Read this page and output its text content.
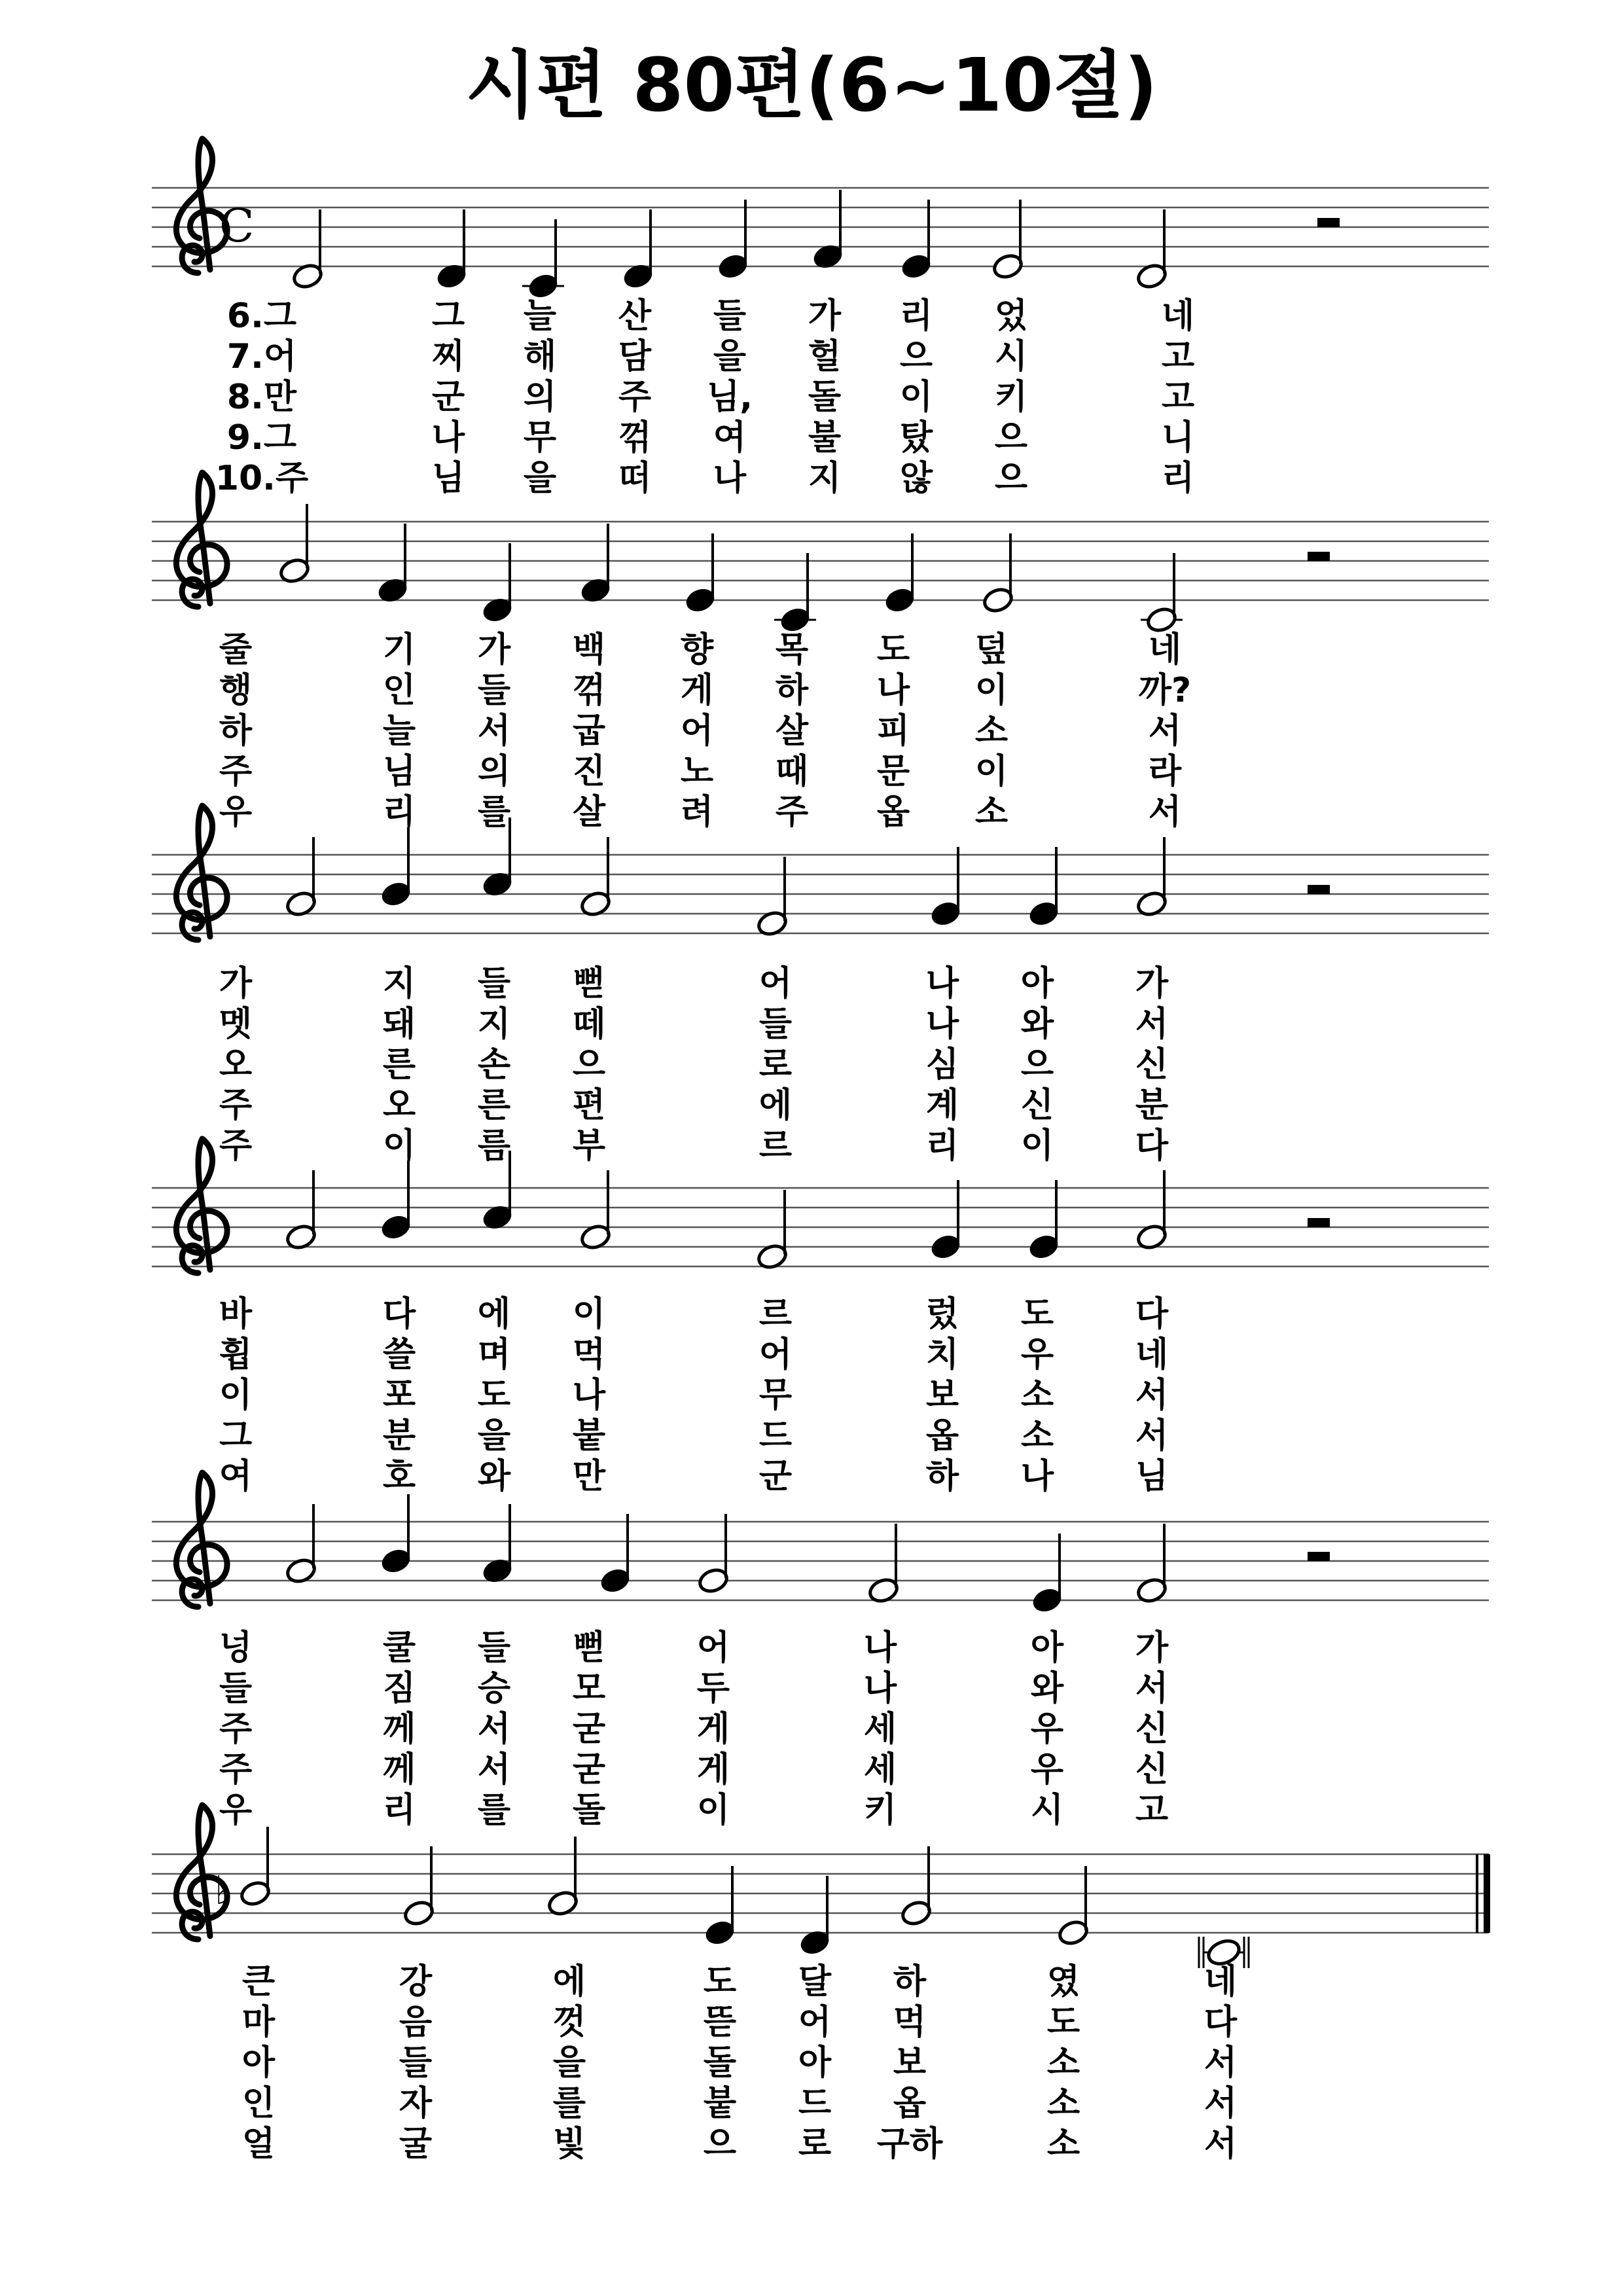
시편 80편(6~10절)
C
6.그	그 늘 산 들 가 리 었	네
7.어	찌 해 담 을 헐 으 시	고
8.만	군 의 주 님, 돌 이 키	고
9.그	나 무 꺾 여 불 탔 으	니
10.주	님 을 떠 나 지 않 으	리
줄	기 가 백 향 목 도 덮	네
행	인 들 꺾 게 하 나 이	까?
하	늘 서 굽 어 살 피 소	서
주	님 의 진 노 때 문 이	라
우	리 를 살 려 주 옵 소	서
가	지 들 뻗	어	나 아 가
멧	돼 지 떼	들	나 와 서
오	른 손 으	로	심 으 신
주	오 른 편	에	계 신 분
주	이 름 부	르	리 이 다
바	다 에 이	르	렀 도 다
휩	쓸 며 먹	어	치 우 네
이	포 도 나	무	보 소 서
그	분 을 붙	드	옵 소 서
여	호 와 만	군	하 나 님
넝	쿨 들 뻗	어	나	아 가
들	짐 승 모	두	나	와 서
주	께 서 굳	게	세	우 신
주	께 서 굳	게	세	우 신
우	리 를 돌	이	키	시 고
♭
큰	강	에	도 달 하	였	네
마	음	껏	뜯 어 먹	도	다
아	들	을	돌 아 보	소	서
인	자	를	붙 드 옵	소	서
얼	굴	빛	으 로 구하	소	서
